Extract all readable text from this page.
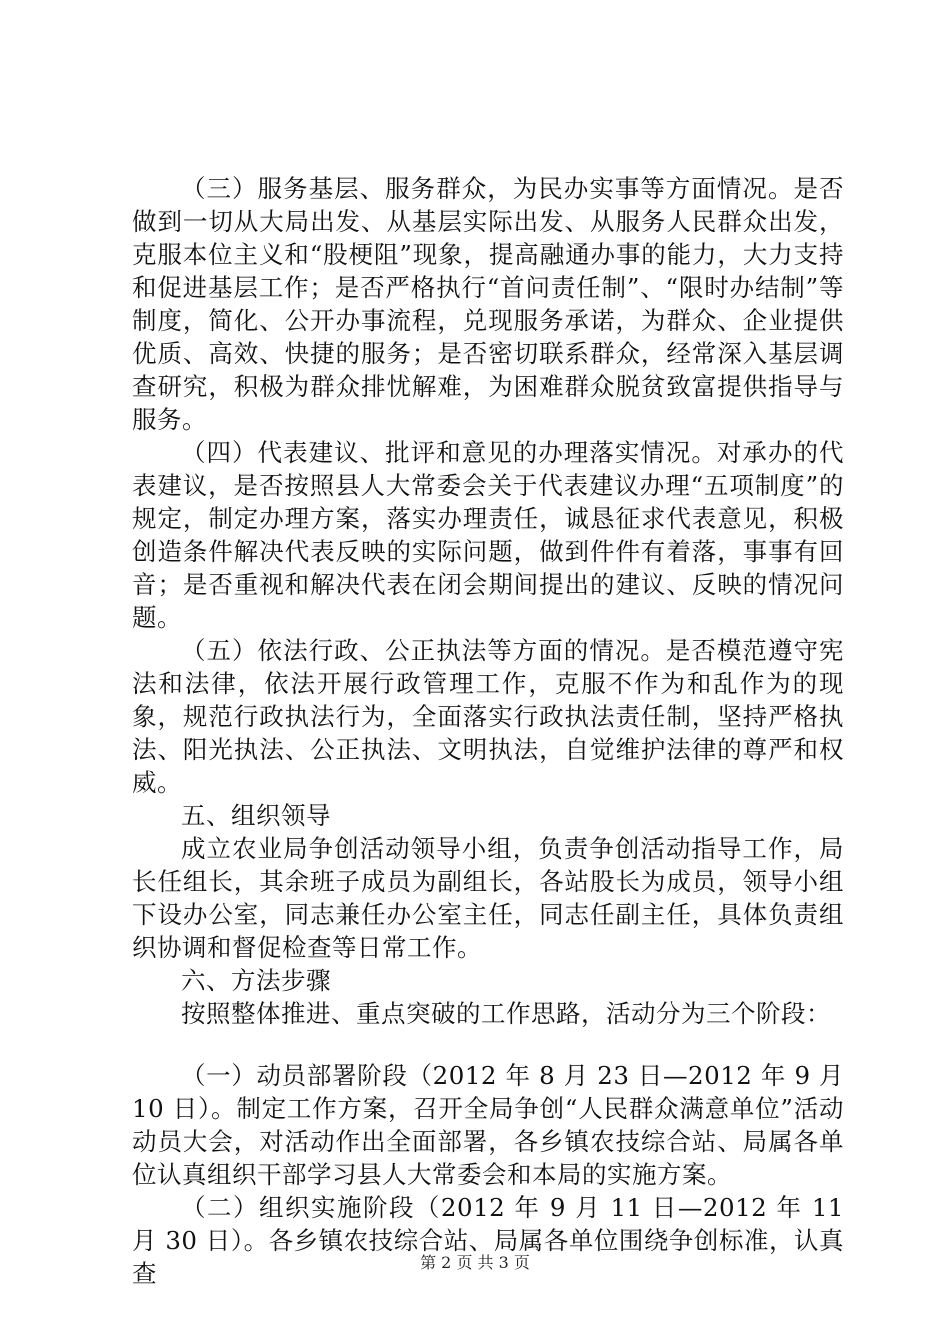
（三）服务基层、服务群众，为民办实事等方面情况。是否做到一切从大局出发、从基层实际出发、从服务人民群众出发，克服本位主义和“股梗阻”现象，提高融通办事的能力，大力支持和促进基层工作；是否严格执行“首问责任制”、“限时办结制”等制度，简化、公开办事流程，兑现服务承诺，为群众、企业提供优质、高效、快捷的服务；是否密切联系群众，经常深入基层调查研究，积极为群众排忧解难，为困难群众脱贫致富提供指导与服务。

（四）代表建议、批评和意见的办理落实情况。对承办的代表建议，是否按照县人大常委会关于代表建议办理“五项制度”的规定，制定办理方案，落实办理责任，诚恳征求代表意见，积极创造条件解决代表反映的实际问题，做到件件有着落，事事有回音；是否重视和解决代表在闭会期间提出的建议、反映的情况问题。

（五）依法行政、公正执法等方面的情况。是否模范遵守宪法和法律，依法开展行政管理工作，克服不作为和乱作为的现象，规范行政执法行为，全面落实行政执法责任制，坚持严格执法、阳光执法、公正执法、文明执法，自觉维护法律的尊严和权威。

五、组织领导

成立农业局争创活动领导小组，负责争创活动指导工作，局长任组长，其余班子成员为副组长，各站股长为成员，领导小组下设办公室，同志兼任办公室主任，同志任副主任，具体负责组织协调和督促检查等日常工作。

六、方法步骤

按照整体推进、重点突破的工作思路，活动分为三个阶段：

（一）动员部署阶段（2012 年 8 月 23 日—2012 年 9 月 10 日）。制定工作方案，召开全局争创“人民群众满意单位”活动动员大会，对活动作出全面部署，各乡镇农技综合站、局属各单位认真组织干部学习县人大常委会和本局的实施方案。

（二）组织实施阶段（2012 年 9 月 11 日—2012 年 11 月 30 日）。各乡镇农技综合站、局属各单位围绕争创标准，认真查	第 2 页 共 3 页
